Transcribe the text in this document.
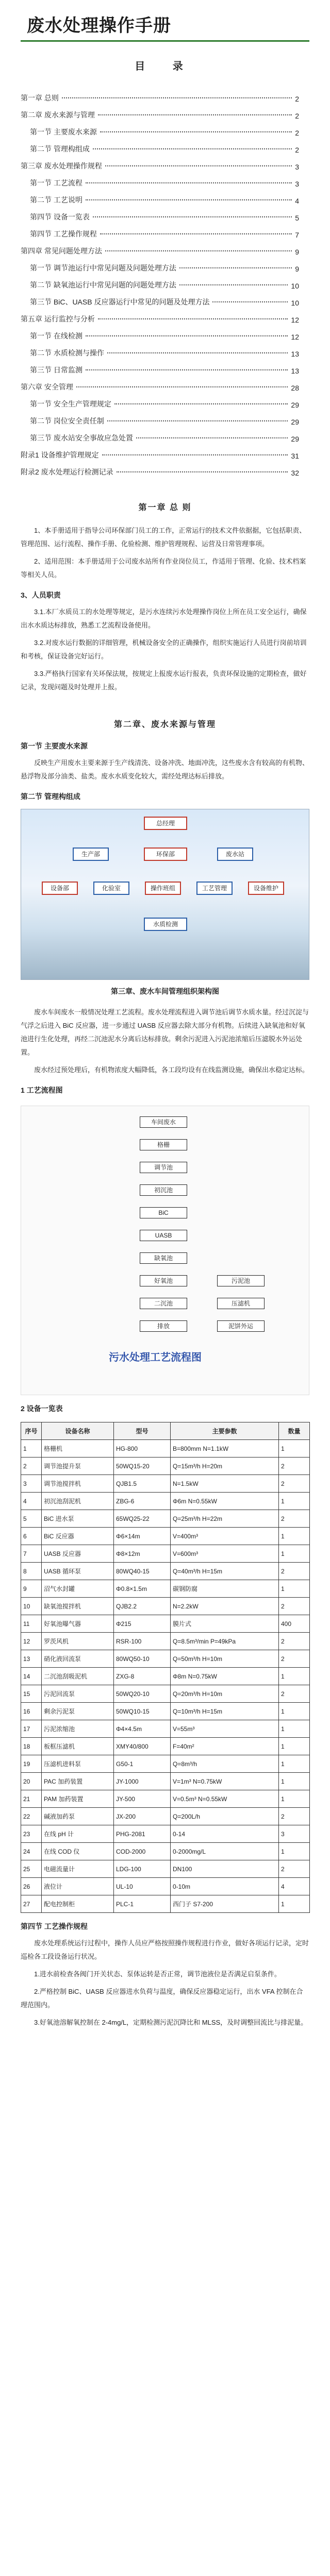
废水处理操作手册
目 录
第一章 总则	2
第二章 废水来源与管理	2
第一节 主要废水来源	2
第二节 管理构组成	2
第三章 废水处理操作规程	3
第一节 工艺流程	3
第二节 工艺说明	4
第四节 设备一览表	5
第四节 工艺操作规程	7
第四章 常见问题处理方法	9
第一节 调节池运行中常见问题及问题处理方法	9
第二节 缺氧池运行中常见问题的问题处理方法	10
第三节 BiC、UASB 反应器运行中常见的问题及处理方法	10
第五章 运行监控与分析	12
第一节 在线检测	12
第二节 水质检测与操作	13
第三节 日常监测	13
第六章 安全管理	28
第一节 安全生产管理规定	29
第二节 岗位安全责任制	29
第三节 废水站安全事故应急处置	29
附录1 设备维护管理规定	31
附录2 废水处理运行检测记录	32
第一章 总 则

1、本手册适用于指导公司环保部门员工的工作，正常运行的技术文件依据据，它包括职责、管理范围、运行流程、操作手册、化验检测、维护管理规程、运营及日常管理事项。

2、适用范围：本手册适用于公司废水站所有作业岗位员工，作适用于管理、化验、技术档案等相关人员。

3、人员职责

3.1.本厂水质员工的水处理等规定，是污水连续污水处理操作岗位上所在员工安全运行，确保出水水质达标排放，熟悉工艺流程设备使用。

3.2.对废水运行数据的详细管理，机械设备安全的正确操作，组织实施运行人员进行岗前培训和考核，保证设备完好运行。

3.3.严格执行国家有关环保法规，按规定上报废水运行报表，负责环保设施的定期检查，做好记录，发现问题及时处理并上报。

第二章、废水来源与管理
第一节 主要废水来源

反映生产用废水主要来源于生产线清洗、设备冲洗、地面冲洗，这些废水含有较高的有机物、悬浮物及部分油类、盐类。废水水质变化较大，需经处理达标后排放。

第二节 管理构组成
总经理
生产部	环保部	废水站
设备部	化验室	操作班组	工艺管理	设备维护
水质检测
第三章、废水车间管理组织架构图

废水车间废水一般情况处理工艺流程。废水处理流程进入调节池后调节水质水量。经过沉淀与气浮之后进入 BiC 反应器，进一步通过 UASB 反应器去除大部分有机物。后续进入缺氧池和好氧池进行生化处理，再经二沉池泥水分离后达标排放。剩余污泥进入污泥池浓缩后压滤脱水外运处置。

废水经过预处理后，有机物浓度大幅降低，各工段均设有在线监测设施，确保出水稳定达标。

1 工艺流程图
污水处理工艺流程图
车间废水
格栅
调节池
初沉池
BiC
UASB
缺氧池
好氧池
二沉池
排放
污泥池
压滤机
泥饼外运
2 设备一览表
序号	设备名称	型号	主要参数	数量
1	格栅机	HG-800	B=800mm N=1.1kW	1
2	调节池提升泵	50WQ15-20	Q=15m³/h H=20m	2
3	调节池搅拌机	QJB1.5	N=1.5kW	2
4	初沉池刮泥机	ZBG-6	Φ6m N=0.55kW	1
5	BiC 进水泵	65WQ25-22	Q=25m³/h H=22m	2
6	BiC 反应器	Φ6×14m	V=400m³	1
7	UASB 反应器	Φ8×12m	V=600m³	1
8	UASB 循环泵	80WQ40-15	Q=40m³/h H=15m	2
9	沼气水封罐	Φ0.8×1.5m	碳钢防腐	1
10	缺氧池搅拌机	QJB2.2	N=2.2kW	2
11	好氧池曝气器	Φ215	膜片式	400
12	罗茨风机	RSR-100	Q=8.5m³/min P=49kPa	2
13	硝化液回流泵	80WQ50-10	Q=50m³/h H=10m	2
14	二沉池刮吸泥机	ZXG-8	Φ8m N=0.75kW	1
15	污泥回流泵	50WQ20-10	Q=20m³/h H=10m	2
16	剩余污泥泵	50WQ10-15	Q=10m³/h H=15m	1
17	污泥浓缩池	Φ4×4.5m	V=55m³	1
18	板框压滤机	XMY40/800	F=40m²	1
19	压滤机进料泵	G50-1	Q=8m³/h	1
20	PAC 加药装置	JY-1000	V=1m³ N=0.75kW	1
21	PAM 加药装置	JY-500	V=0.5m³ N=0.55kW	1
22	碱液加药泵	JX-200	Q=200L/h	2
23	在线 pH 计	PHG-2081	0-14	3
24	在线 COD 仪	COD-2000	0-2000mg/L	1
25	电磁流量计	LDG-100	DN100	2
26	液位计	UL-10	0-10m	4
27	配电控制柜	PLC-1	西门子 S7-200	1
第四节 工艺操作规程

废水处理系统运行过程中，操作人员应严格按照操作规程进行作业，做好各项运行记录，定时巡检各工段设备运行状况。

1.进水前检查各阀门开关状态、泵体运转是否正常，调节池液位是否满足启泵条件。

2.严格控制 BiC、UASB 反应器进水负荷与温度，确保反应器稳定运行，出水 VFA 控制在合理范围内。

3.好氧池溶解氧控制在 2-4mg/L，定期检测污泥沉降比和 MLSS，及时调整回流比与排泥量。
